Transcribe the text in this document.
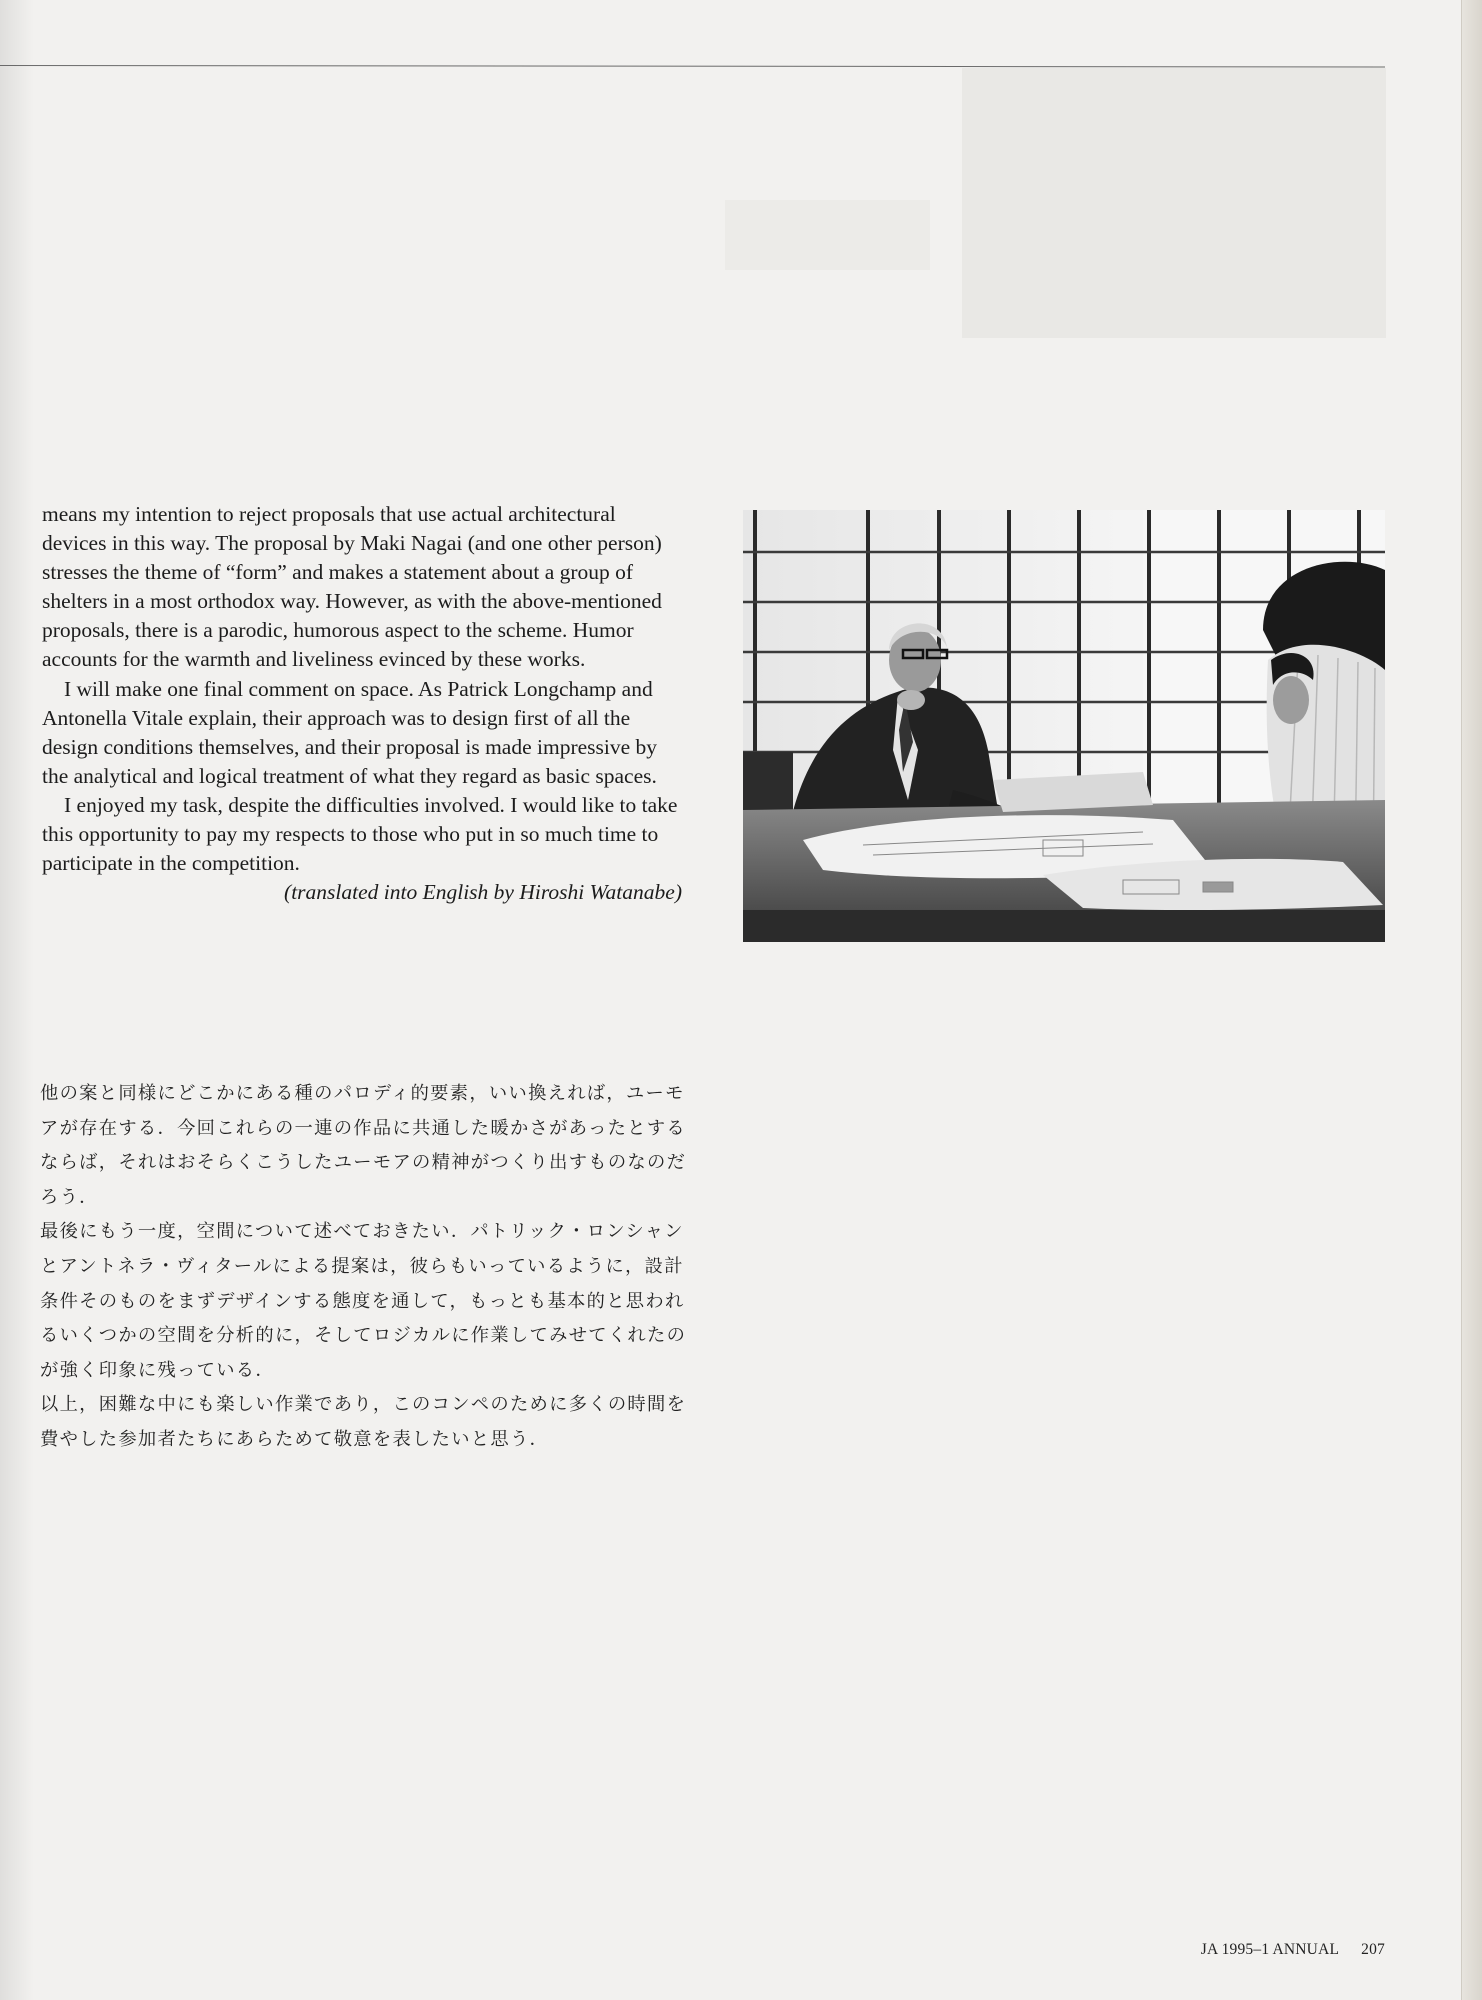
means my intention to reject proposals that use actual architectural devices in this way. The proposal by Maki Nagai (and one other person) stresses the theme of “form” and makes a statement about a group of shelters in a most orthodox way. However, as with the above-mentioned proposals, there is a parodic, humorous aspect to the scheme. Humor accounts for the warmth and liveliness evinced by these works.

I will make one final comment on space. As Patrick Longchamp and Antonella Vitale explain, their approach was to design first of all the design conditions themselves, and their proposal is made impressive by the analytical and logical treatment of what they regard as basic spaces.

I enjoyed my task, despite the difficulties involved. I would like to take this opportunity to pay my respects to those who put in so much time to participate in the competition.

(translated into English by Hiroshi Watanabe)

他の案と同様にどこかにある種のパロディ的要素，いい換えれば，ユーモアが存在する．今回これらの一連の作品に共通した暖かさがあったとするならば，それはおそらくこうしたユーモアの精神がつくり出すものなのだろう．

最後にもう一度，空間について述べておきたい．パトリック・ロンシャンとアントネラ・ヴィタールによる提案は，彼らもいっているように，設計条件そのものをまずデザインする態度を通して，もっとも基本的と思われるいくつかの空間を分析的に，そしてロジカルに作業してみせてくれたのが強く印象に残っている．

以上，困難な中にも楽しい作業であり，このコンペのために多くの時間を費やした参加者たちにあらためて敬意を表したいと思う．

JA 1995–1 ANNUAL 207
